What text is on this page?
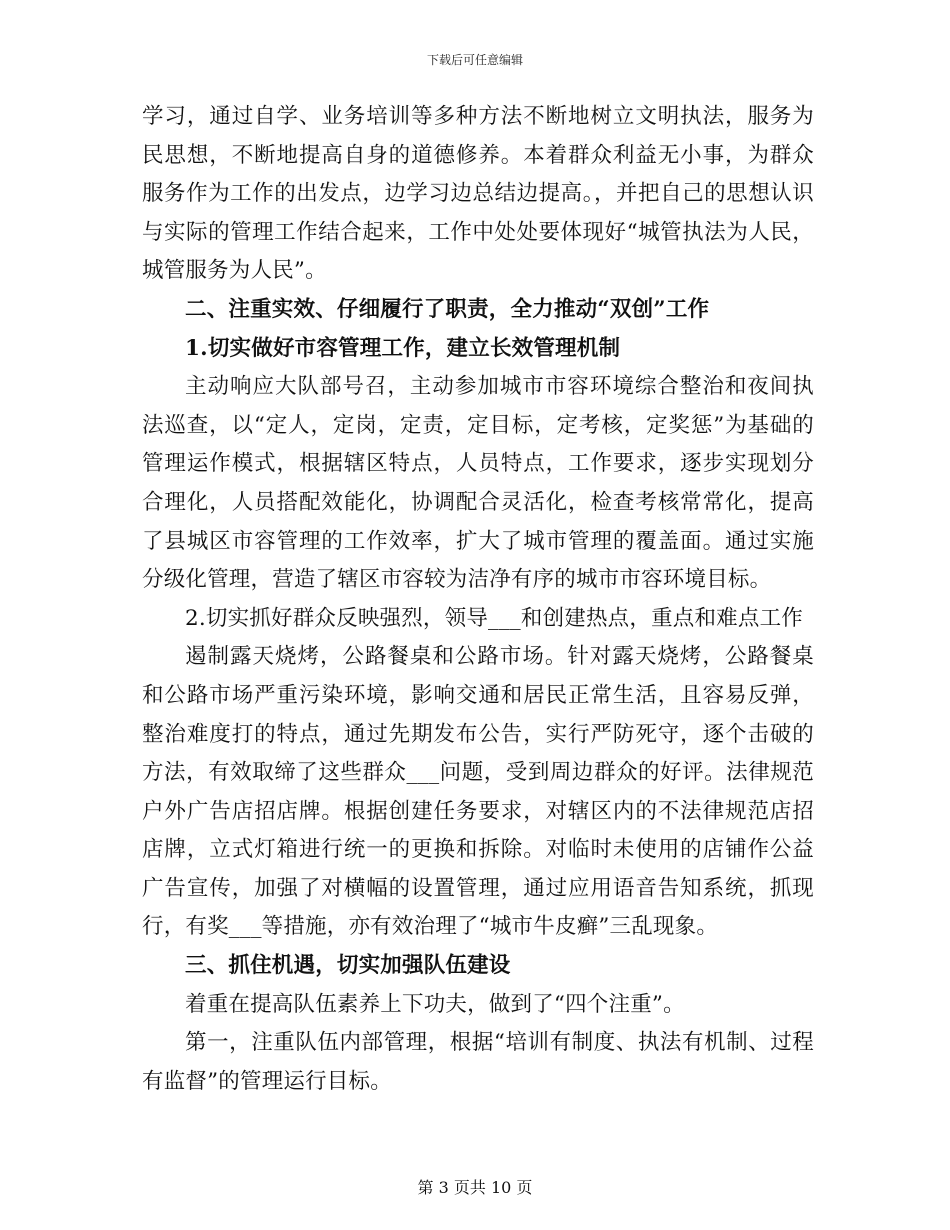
下载后可任意编辑

学习，通过自学、业务培训等多种方法不断地树立文明执法，服务为民思想，不断地提高自身的道德修养。本着群众利益无小事，为群众服务作为工作的出发点，边学习边总结边提高。，并把自己的思想认识与实际的管理工作结合起来，工作中处处要体现好“城管执法为人民，城管服务为人民”。

二、注重实效、仔细履行了职责，全力推动“双创”工作

1.切实做好市容管理工作，建立长效管理机制

主动响应大队部号召，主动参加城市市容环境综合整治和夜间执法巡查，以“定人，定岗，定责，定目标，定考核，定奖惩”为基础的管理运作模式，根据辖区特点，人员特点，工作要求，逐步实现划分合理化，人员搭配效能化，协调配合灵活化，检查考核常常化，提高了县城区市容管理的工作效率，扩大了城市管理的覆盖面。通过实施分级化管理，营造了辖区市容较为洁净有序的城市市容环境目标。

2.切实抓好群众反映强烈，领导___和创建热点，重点和难点工作

遏制露天烧烤，公路餐桌和公路市场。针对露天烧烤，公路餐桌和公路市场严重污染环境，影响交通和居民正常生活，且容易反弹，整治难度打的特点，通过先期发布公告，实行严防死守，逐个击破的方法，有效取缔了这些群众___问题，受到周边群众的好评。法律规范户外广告店招店牌。根据创建任务要求，对辖区内的不法律规范店招店牌，立式灯箱进行统一的更换和拆除。对临时未使用的店铺作公益广告宣传，加强了对横幅的设置管理，通过应用语音告知系统，抓现行，有奖___等措施，亦有效治理了“城市牛皮癣”三乱现象。

三、抓住机遇，切实加强队伍建设

着重在提高队伍素养上下功夫，做到了“四个注重”。

第一，注重队伍内部管理，根据“培训有制度、执法有机制、过程有监督”的管理运行目标。

第 3 页共 10 页
